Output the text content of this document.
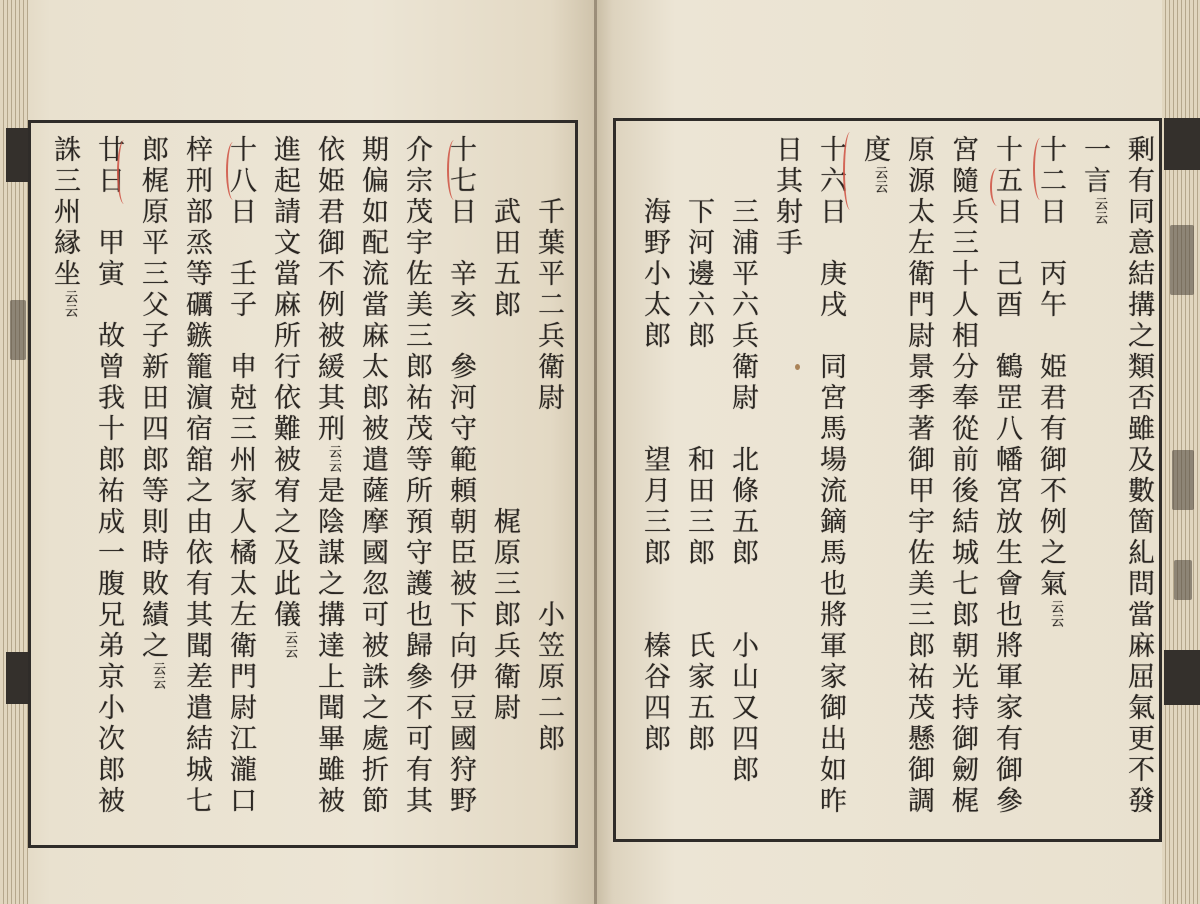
剰有同意結搆之類否雖及數箇糺問當麻屈氣更不發
一言云云
十二日　丙午　姫君有御不例之氣云云
十五日　己酉　鶴罡八幡宮放生會也將軍家有御參
宮隨兵三十人相分奉從前後結城七郎朝光持御劒梶
原源太左衛門尉景季著御甲宇佐美三郎祐茂懸御調
度云云
十六日　庚戌　同宮馬場流鏑馬也將軍家御出如昨
日其射手
　　三浦平六兵衛尉　北條五郎　　小山又四郎
　　下河邊六郎　　　和田三郎　　氏家五郎
　　海野小太郎　　　望月三郎　　榛谷四郎
　　千葉平二兵衛尉　　　　　　小笠原二郎
　　武田五郎　　　　　　梶原三郎兵衛尉
十七日　辛亥　參河守範頼朝臣被下向伊豆國狩野
介宗茂宇佐美三郎祐茂等所預守護也歸參不可有其
期偏如配流當麻太郎被遣薩摩國忽可被誅之處折節
依姫君御不例被緩其刑云云是陰謀之搆達上聞畢雖被
進起請文當麻所行依難被宥之及此儀云云
十八日　壬子　申尅三州家人橘太左衛門尉江瀧口
梓刑部烝等礪鏃籠濵宿舘之由依有其聞差遣結城七
郎梶原平三父子新田四郎等則時敗績之云云
廿日　甲寅　故曾我十郎祐成一腹兄弟京小次郎被
誅三州縁坐云云
